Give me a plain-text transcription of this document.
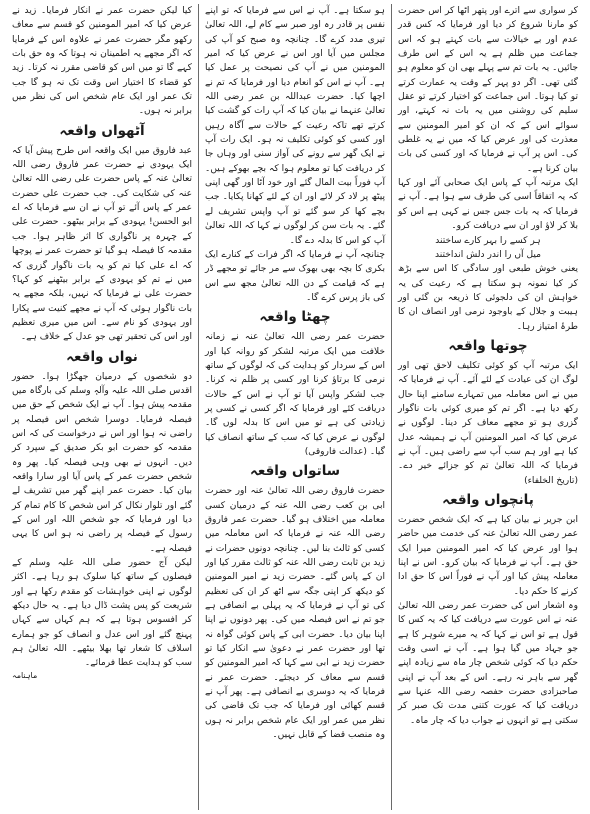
کر سواری سے اترے اور پتھر اٹھا کر اس حضرت کو مارنا شروع کر دیا اور فرمایا کہ کس قدر عدم اور بے خیالات سے بات کہتے ہو کہ اس جماعت میں ظلم ہے یہ اس کے اس طرف جائیں۔ یہ بات تم سے پہلے بھی ان کو معلوم ہو گئی تھی۔ اگر دو پہر کے وقت یہ عمارت کرتے تو کیا ہوتا۔ اس جماعت کو اختیار کرتے تو عقل سلیم کی روشنی میں یہ بات نہ کہتے، اور سوائے اس کے کہ ان کو امیر المومنین سے معذرت کی اور عرض کیا کہ میں نے یہ غلطی کی۔ اس پر آپ نے فرمایا کہ اور کسی کی بات بیان کرنا ہے۔

ایک مرتبہ آپ کے پاس ایک صحابی آئے اور کہا کہ یہ اتفاقاً اسی کی طرف سے ہوا ہے۔ آپ نے فرمایا کہ یہ بات جس جس نے کہی ہے اس کو بلا کر لاؤ اور ان سے دریافت کرو۔

ہر کسے را بہر کارے ساختند

میل آں را اندر دلش انداختند

یعنی خوش طبعی اور سادگی کا اس سے بڑھ کر کیا نمونہ ہو سکتا ہے کہ رعیت کی یہ خواہش ان کی دلجوئی کا ذریعہ بن گئی اور ہیبت و جلال کے باوجود نرمی اور انصاف ان کا طرۂ امتیاز رہا۔

چوتھا واقعہ

ایک مرتبہ آپ کو کوئی تکلیف لاحق تھی اور لوگ ان کی عیادت کے لئے آئے۔ آپ نے فرمایا کہ میں نے اس معاملہ میں تمہارے سامنے اپنا حال رکھ دیا ہے۔ اگر تم کو میری کوئی بات ناگوار گزری ہو تو مجھے معاف کر دینا۔ لوگوں نے عرض کیا کہ امیر المومنین آپ نے ہمیشہ عدل کیا ہے اور ہم سب آپ سے راضی ہیں۔ آپ نے فرمایا کہ اللہ تعالیٰ تم کو جزائے خیر دے۔ (تاریخ الخلفاء)

پانچواں واقعہ

ابن جریر نے بیان کیا ہے کہ ایک شخص حضرت عمر رضی اللہ تعالیٰ عنہ کی خدمت میں حاضر ہوا اور عرض کیا کہ امیر المومنین میرا ایک حق ہے۔ آپ نے فرمایا کہ بیان کرو۔ اس نے اپنا معاملہ پیش کیا اور آپ نے فوراً اس کا حق ادا کرنے کا حکم دیا۔

وہ اشعار اس کی حضرت عمر رضی اللہ تعالیٰ عنہ نے اس عورت سے دریافت کیا کہ یہ کس کا قول ہے تو اس نے کہا کہ یہ میرے شوہر کا ہے جو جہاد میں گیا ہوا ہے۔ آپ نے اسی وقت حکم دیا کہ کوئی شخص چار ماہ سے زیادہ اپنے گھر سے باہر نہ رہے۔ اس کے بعد آپ نے اپنی صاحبزادی حضرت حفصہ رضی اللہ عنہا سے دریافت کیا کہ عورت کتنی مدت تک صبر کر سکتی ہے تو انہوں نے جواب دیا کہ چار ماہ۔

ہو سکتا ہے۔ آپ نے اس سے فرمایا کہ تو اپنے نفس پر قادر رہ اور صبر سے کام لے، اللہ تعالیٰ تیری مدد کرے گا۔ چنانچہ وہ صبح کو آپ کی مجلس میں آیا اور اس نے عرض کیا کہ امیر المومنین میں نے آپ کی نصیحت پر عمل کیا ہے۔ آپ نے اس کو انعام دیا اور فرمایا کہ تم نے اچھا کیا۔ حضرت عبداللہ بن عمر رضی اللہ تعالیٰ عنہما نے بیان کیا کہ آپ رات کو گشت کیا کرتے تھے تاکہ رعیت کے حالات سے آگاہ رہیں اور کسی کو کوئی تکلیف نہ ہو۔ ایک رات آپ نے ایک گھر سے رونے کی آواز سنی اور وہاں جا کر دریافت کیا تو معلوم ہوا کہ بچے بھوکے ہیں۔ آپ فوراً بیت المال گئے اور خود آٹا اور گھی اپنی پیٹھ پر لاد کر لائے اور ان کے لئے کھانا پکایا۔ جب بچے کھا کر سو گئے تو آپ واپس تشریف لے گئے۔ یہ بات سن کر لوگوں نے کہا کہ اللہ تعالیٰ آپ کو اس کا بدلہ دے گا۔

چنانچہ آپ نے فرمایا کہ اگر فرات کے کنارے ایک بکری کا بچہ بھی بھوک سے مر جائے تو مجھے ڈر ہے کہ قیامت کے دن اللہ تعالیٰ مجھ سے اس کی باز پرس کرے گا۔

چھٹا واقعہ

حضرت عمر رضی اللہ تعالیٰ عنہ نے زمانہ خلافت میں ایک مرتبہ لشکر کو روانہ کیا اور اس کے سردار کو ہدایت کی کہ لوگوں کے ساتھ نرمی کا برتاؤ کرنا اور کسی پر ظلم نہ کرنا۔ جب لشکر واپس آیا تو آپ نے اس کے حالات دریافت کئے اور فرمایا کہ اگر کسی نے کسی پر زیادتی کی ہے تو میں اس کا بدلہ لوں گا۔ لوگوں نے عرض کیا کہ سب کے ساتھ انصاف کیا گیا۔ (عدالت فاروقی)

ساتواں واقعہ

حضرت فاروق رضی اللہ تعالیٰ عنہ اور حضرت ابی بن کعب رضی اللہ عنہ کے درمیان کسی معاملہ میں اختلاف ہو گیا۔ حضرت عمر فاروق رضی اللہ عنہ نے فرمایا کہ اس معاملہ میں کسی کو ثالث بنا لیں۔ چنانچہ دونوں حضرات نے زید بن ثابت رضی اللہ عنہ کو ثالث مقرر کیا اور ان کے پاس گئے۔ حضرت زید نے امیر المومنین کو دیکھ کر اپنی جگہ سے اٹھ کر ان کی تعظیم کی تو آپ نے فرمایا کہ یہ پہلی بے انصافی ہے جو تم نے اس فیصلہ میں کی۔ پھر دونوں نے اپنا اپنا بیان دیا۔ حضرت ابی کے پاس کوئی گواہ نہ تھا اور حضرت عمر نے دعویٰ سے انکار کیا تو حضرت زید نے ابی سے کہا کہ امیر المومنین کو قسم سے معاف کر دیجئے۔ حضرت عمر نے فرمایا کہ یہ دوسری بے انصافی ہے۔ پھر آپ نے قسم کھائی اور فرمایا کہ جب تک قاضی کی نظر میں عمر اور ایک عام شخص برابر نہ ہوں وہ منصب قضا کے قابل نہیں۔

کیا لیکن حضرت عمر نے انکار فرمایا۔ زید نے عرض کیا کہ امیر المومنین کو قسم سے معاف رکھو مگر حضرت عمر نے علاوہ اس کے فرمایا کہ اگر مجھے یہ اطمینان نہ ہوتا کہ وہ حق بات کہے گا تو میں اس کو قاضی مقرر نہ کرتا۔ زید کو قضاء کا اختیار اس وقت تک نہ ہو گا جب تک عمر اور ایک عام شخص اس کی نظر میں برابر نہ ہوں۔

آٹھواں واقعہ

عبد فاروق میں ایک واقعہ اس طرح پیش آیا کہ ایک یہودی نے حضرت عمر فاروق رضی اللہ تعالیٰ عنہ کے پاس حضرت علی رضی اللہ تعالیٰ عنہ کی شکایت کی۔ جب حضرت علی حضرت عمر کے پاس آئے تو آپ نے ان سے فرمایا کہ اے ابو الحسن! یہودی کے برابر بیٹھو۔ حضرت علی کے چہرہ پر ناگواری کا اثر ظاہر ہوا۔ جب مقدمہ کا فیصلہ ہو گیا تو حضرت عمر نے پوچھا کہ اے علی کیا تم کو یہ بات ناگوار گزری کہ میں نے تم کو یہودی کے برابر بیٹھنے کو کہا؟ حضرت علی نے فرمایا کہ نہیں، بلکہ مجھے یہ بات ناگوار ہوئی کہ آپ نے مجھے کنیت سے پکارا اور یہودی کو نام سے۔ اس میں میری تعظیم اور اس کی تحقیر تھی جو عدل کے خلاف ہے۔

نواں واقعہ

دو شخصوں کے درمیان جھگڑا ہوا۔ حضور اقدس صلی اللہ علیہ وآلہٖ وسلم کی بارگاہ میں مقدمہ پیش ہوا۔ آپ نے ایک شخص کے حق میں فیصلہ فرمایا۔ دوسرا شخص اس فیصلہ پر راضی نہ ہوا اور اس نے درخواست کی کہ اس مقدمہ کو حضرت ابو بکر صدیق کے سپرد کر دیں۔ انہوں نے بھی وہی فیصلہ کیا۔ پھر وہ شخص حضرت عمر کے پاس آیا اور سارا واقعہ بیان کیا۔ حضرت عمر اپنے گھر میں تشریف لے گئے اور تلوار نکال کر اس شخص کا کام تمام کر دیا اور فرمایا کہ جو شخص اللہ اور اس کے رسول کے فیصلہ پر راضی نہ ہو اس کا یہی فیصلہ ہے۔

لیکن آج حضور صلی اللہ علیہ وسلم کے فیصلوں کے ساتھ کیا سلوک ہو رہا ہے۔ اکثر لوگوں نے اپنی خواہشات کو مقدم رکھا ہے اور شریعت کو پس پشت ڈال دیا ہے۔ یہ حال دیکھ کر افسوس ہوتا ہے کہ ہم کہاں سے کہاں پہنچ گئے اور اس عدل و انصاف کو جو ہمارے اسلاف کا شعار تھا بھلا بیٹھے۔ اللہ تعالیٰ ہم سب کو ہدایت عطا فرمائے۔

ماہنامہ
